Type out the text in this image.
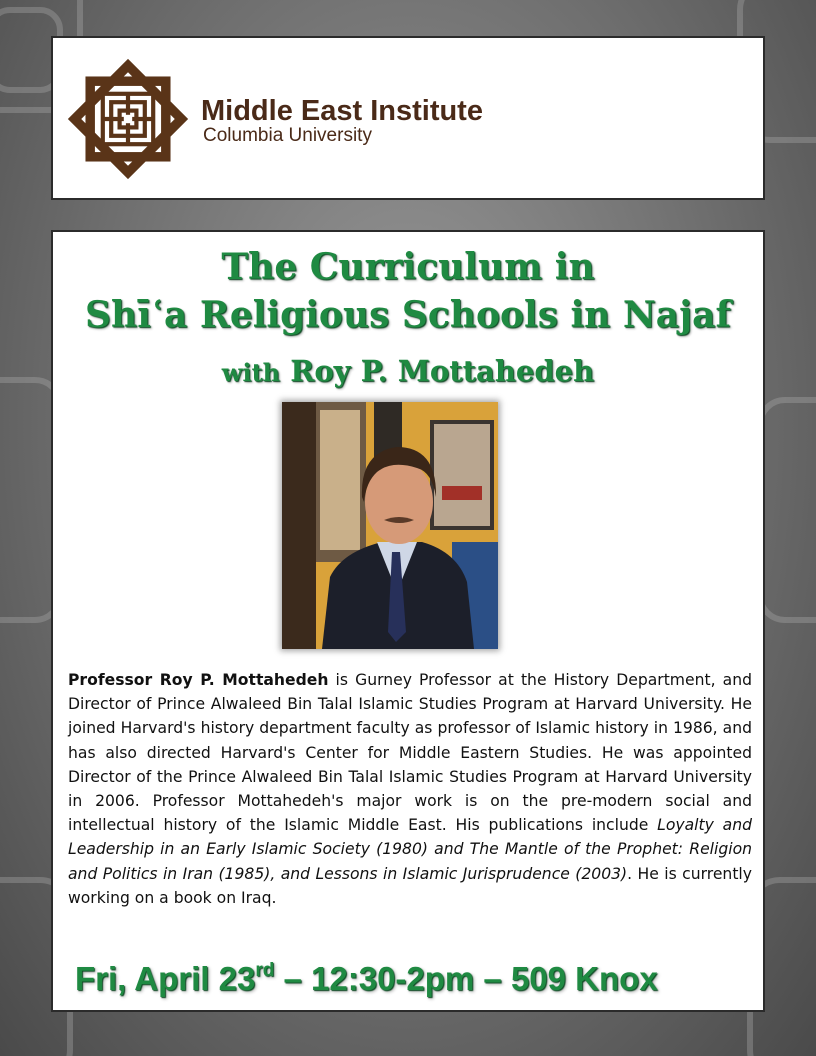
Middle East Institute
Columbia University
The Curriculum in
Shīʿa Religious Schools in Najaf
with Roy P. Mottahedeh
Professor Roy P. Mottahedeh is Gurney Professor at the History Department, and Director of Prince Alwaleed Bin Talal Islamic Studies Program at Harvard University. He joined Harvard's history department faculty as professor of Islamic history in 1986, and has also directed Harvard's Center for Middle Eastern Studies. He was appointed Director of the Prince Alwaleed Bin Talal Islamic Studies Program at Harvard University in 2006. Professor Mottahedeh's major work is on the pre-modern social and intellectual history of the Islamic Middle East. His publications include Loyalty and Leadership in an Early Islamic Society (1980) and The Mantle of the Prophet: Religion and Politics in Iran (1985), and Lessons in Islamic Jurisprudence (2003). He is currently working on a book on Iraq.
Fri, April 23rd – 12:30-2pm – 509 Knox
